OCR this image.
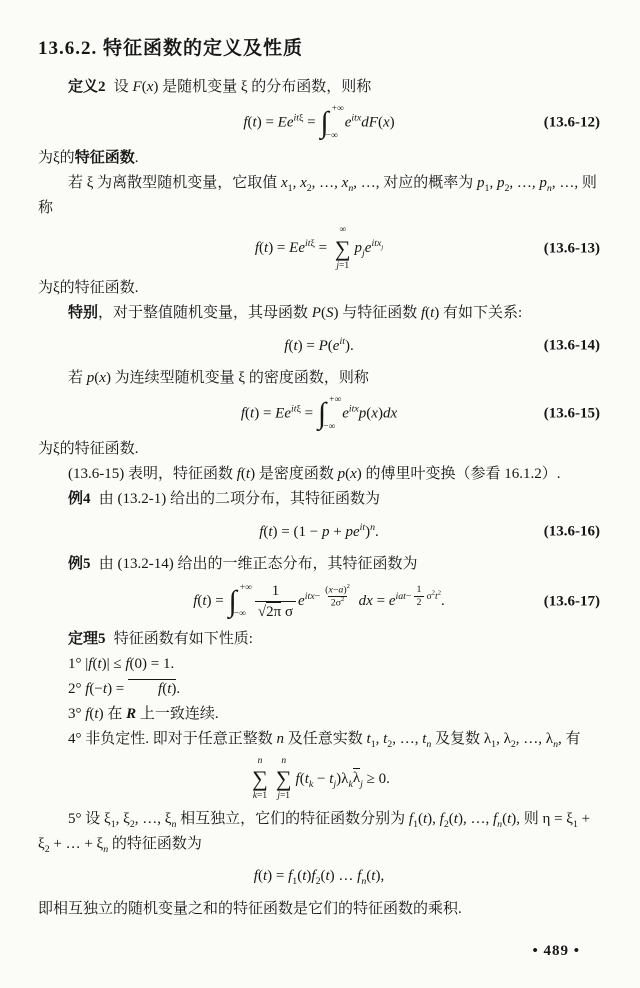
13.6.2. 特征函数的定义及性质

定义2 设 F(x) 是随机变量 ξ 的分布函数，则称

$f(t) = Ee^{it\xi}$ = ∫ +∞
−∞
$e^{itx}dF(x)$	(13.6-12)

为ξ的特征函数.

若 ξ 为离散型随机变量，它取值 $x_1$, $x_2$, …, $x_n$, …, 对应的概率为 $p_1$, $p_2$, …, $p_n$, …, 则称

$f(t) = Ee^{it\xi}$ =
∞
∑
j=1
$p_je^{itx_j}$	(13.6-13)

为ξ的特征函数.

特别，对于整值随机变量，其母函数 P(S) 与特征函数 f(t) 有如下关系:

$f(t) = P(e^{it})$.	(13.6-14)

若 p(x) 为连续型随机变量 ξ 的密度函数，则称

$f(t) = Ee^{it\xi}$ = ∫ +∞
−∞
$e^{itx}p(x)dx$	(13.6-15)

为ξ的特征函数.

(13.6-15) 表明，特征函数 f(t) 是密度函数 p(x) 的傅里叶变换（参看 16.1.2）.

例4 由 (13.2-1) 给出的二项分布，其特征函数为

$f(t) = (1 - p + pe^{it})^n$.	(13.6-16)

例5 由 (13.2-14) 给出的一维正态分布，其特征函数为

f(t) = ∫ +∞
−∞ $\frac{1}{\text{√2π σ}} e^{itx- \frac{(x-a)^2}{2\sigma^2}}$ dx = $e^{iat- \frac{1}{2} \sigma^2t^2}$.	(13.6-17)

定理5 特征函数有如下性质:

1° |f(t)| ≤ f(0) = 1.

2° f(−t) = f(t).

3° f(t) 在 R 上一致连续.

4° 非负定性. 即对于任意正整数 n 及任意实数 $t_1$, $t_2$, …, $t_n$ 及复数 $\lambda_1$, $\lambda_2$, …, $\lambda_n$, 有

n
∑
k=1
n
∑
j=1
$f(t_k - t_j)\lambda_k\lambda_j \ge 0$.

5° 设 $\xi_1$, $\xi_2$, …, $\xi_n$ 相互独立，它们的特征函数分别为 $f_1(t)$, $f_2(t)$, …, $f_n(t)$, 则 $\eta = \xi_1 + \xi_2$ + … + $\xi_n$ 的特征函数为

$f(t) = f_1(t)f_2(t)$ … $f_n(t)$,

即相互独立的随机变量之和的特征函数是它们的特征函数的乘积.

• 489 •
